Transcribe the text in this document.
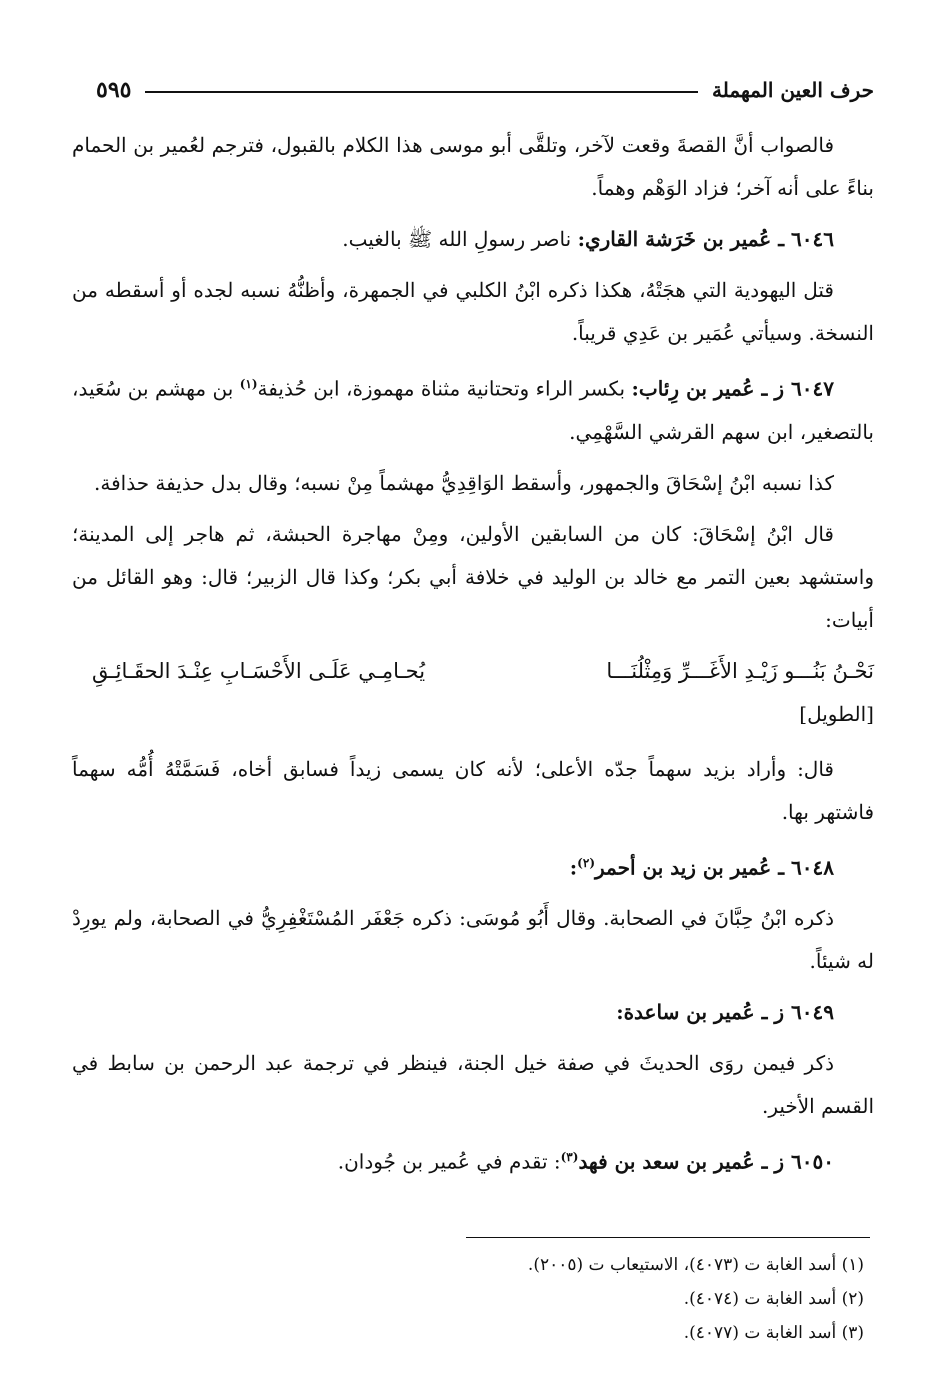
٥٩٥	حرف العين المهملة

فالصواب أنَّ القصةَ وقعت لآخر، وتلقَّى أبو موسى هذا الكلام بالقبول، فترجم لعُمير بن الحمام بناءً على أنه آخر؛ فزاد الوَهْم وهماً.

٦٠٤٦ ـ عُمير بن خَرَشة القاري: ناصر رسولِ الله ﷺ بالغيب.

قتل اليهودية التي هجَتْهُ، هكذا ذكره ابْنُ الكلبي في الجمهرة، وأظنُّهُ نسبه لجده أو أسقطه من النسخة. وسيأتي عُمَير بن عَدِي قريباً.

٦٠٤٧ ز ـ عُمير بن رِئاب: بكسر الراء وتحتانية مثناة مهموزة، ابن حُذيفة$^{(١)}$ بن مهشم بن سُعَيد، بالتصغير، ابن سهم القرشي السَّهْمِي.

كذا نسبه ابْنُ إسْحَاقَ والجمهور، وأسقط الوَاقِدِيُّ مهشماً مِنْ نسبه؛ وقال بدل حذيفة حذافة.

قال ابْنُ إسْحَاقَ: كان من السابقين الأولين، ومِنْ مهاجرة الحبشة، ثم هاجر إلى المدينة؛ واستشهد بعين التمر مع خالد بن الوليد في خلافة أبي بكر؛ وكذا قال الزبير؛ قال: وهو القائل من أبيات:

نَحْـنُ بَنُـــو زَيْـدِ الأَغَـــرِّ وَمِثْلُنَـــا
يُحـامِـي عَلَـى الأَحْسَـابِ عِنْـدَ الحقَـائِـقِ
[الطويل]

قال: وأراد بزيد سهماً جدّه الأعلى؛ لأنه كان يسمى زيداً فسابق أخاه، فَسَمَّتْهُ أُمُّه سهماً فاشتهر بها.

٦٠٤٨ ـ عُمير بن زيد بن أحمر$^{(٢)}$:

ذكره ابْنُ حِبَّانَ في الصحابة. وقال أَبُو مُوسَى: ذكره جَعْفَر المُسْتَغْفِرِيُّ في الصحابة، ولم يورِدْ له شيئاً.

٦٠٤٩ ز ـ عُمير بن ساعدة:

ذكر فيمن روَى الحديثَ في صفة خيل الجنة، فينظر في ترجمة عبد الرحمن بن سابط في القسم الأخير.

٦٠٥٠ ز ـ عُمير بن سعد بن فهد$^{(٣)}$: تقدم في عُمير بن جُودان.

(١) أسد الغابة ت (٤٠٧٣)، الاستيعاب ت (٢٠٠٥).

(٢) أسد الغابة ت (٤٠٧٤).

(٣) أسد الغابة ت (٤٠٧٧).
